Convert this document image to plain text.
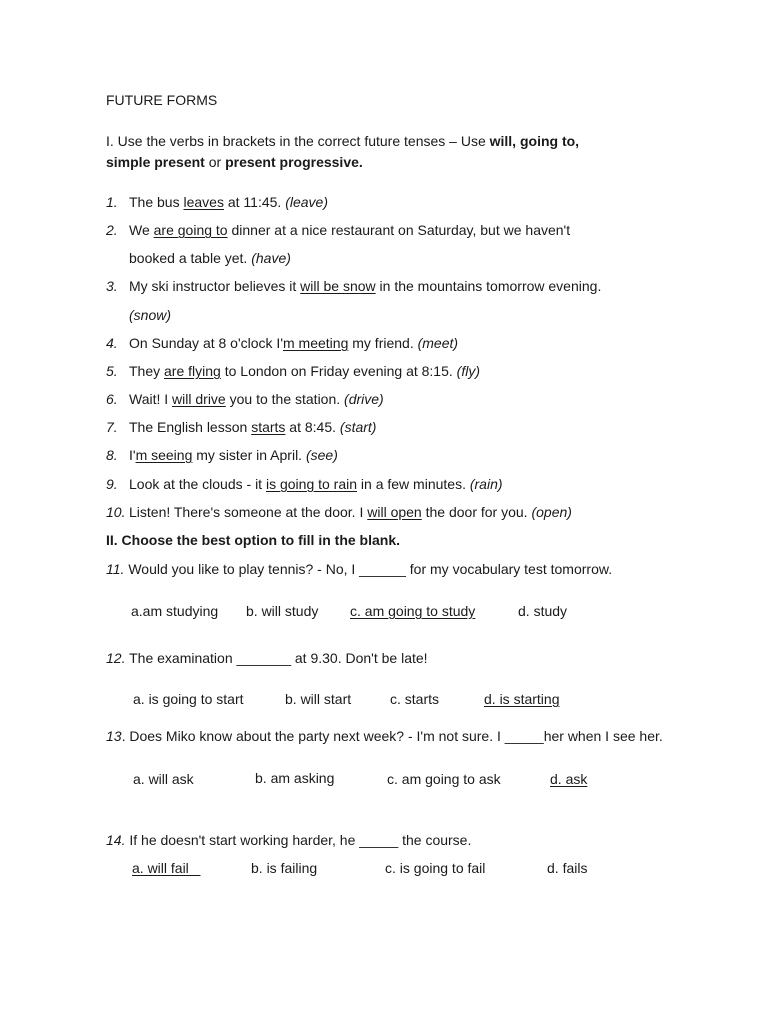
FUTURE FORMS
I. Use the verbs in brackets in the correct future tenses – Use will, going to,
simple present or present progressive.
1. The bus leaves at 11:45. (leave)
2. We are going to dinner at a nice restaurant on Saturday, but we haven't
booked a table yet. (have)
3. My ski instructor believes it will be snow in the mountains tomorrow evening.
(snow)
4. On Sunday at 8 o'clock I'm meeting my friend. (meet)
5. They are flying to London on Friday evening at 8:15. (fly)
6. Wait! I will drive you to the station. (drive)
7. The English lesson starts at 8:45. (start)
8. I'm seeing my sister in April. (see)
9. Look at the clouds - it is going to rain in a few minutes. (rain)
10. Listen! There's someone at the door. I will open the door for you. (open)
II. Choose the best option to fill in the blank.
11. Would you like to play tennis? - No, I ______ for my vocabulary test tomorrow.
a.am studying b. will study c. am going to study	d. study
12. The examination _______ at 9.30. Don't be late!
a. is going to start	b. will start	c. starts	d. is starting
13. Does Miko know about the party next week? - I'm not sure. I _____her when I see her.
a. will ask	b. am asking	c. am going to ask	d. ask
14. If he doesn't start working harder, he _____ the course.
a. will fail	b. is failing	c. is going to fail	d. fails
